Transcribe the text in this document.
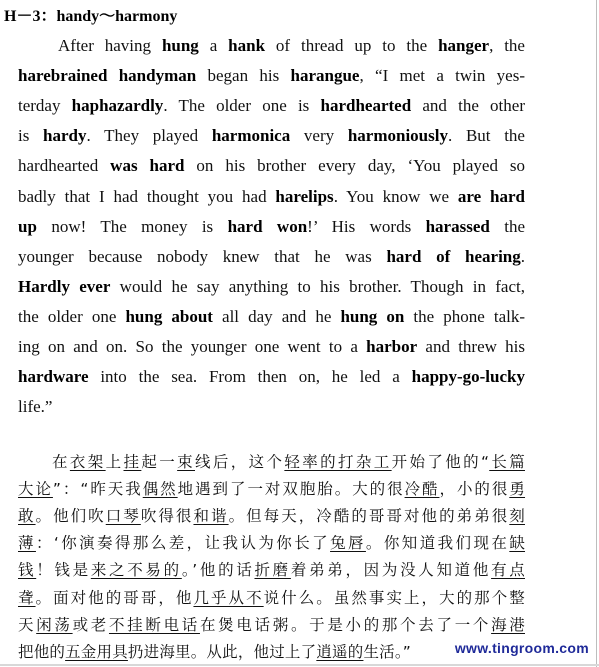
H－3：handy～harmony
After having hung a hank of thread up to the hanger, the
harebrained handyman began his harangue, “I met a twin yes-
terday haphazardly. The older one is hardhearted and the other
is hardy. They played harmonica very harmoniously. But the
hardhearted was hard on his brother every day, ‘You played so
badly that I had thought you had harelips. You know we are hard
up now! The money is hard won!’ His words harassed the
younger because nobody knew that he was hard of hearing.
Hardly ever would he say anything to his brother. Though in fact,
the older one hung about all day and he hung on the phone talk-
ing on and on. So the younger one went to a harbor and threw his
hardware into the sea. From then on, he led a happy-go-lucky
life.”
在衣架上挂起一束线后，这个轻率的打杂工开始了他的“长篇
大论”：“昨天我偶然地遇到了一对双胞胎。大的很冷酷，小的很勇
敢。他们吹口琴吹得很和谐。但每天，冷酷的哥哥对他的弟弟很刻
薄：‘你演奏得那么差，让我认为你长了兔唇。你知道我们现在缺
钱！钱是来之不易的。’他的话折磨着弟弟，因为没人知道他有点
聋。面对他的哥哥，他几乎从不说什么。虽然事实上，大的那个整
天闲荡或老不挂断电话在煲电话粥。于是小的那个去了一个海港
把他的五金用具扔进海里。从此，他过上了逍遥的生活。”	www.tingroom.com
